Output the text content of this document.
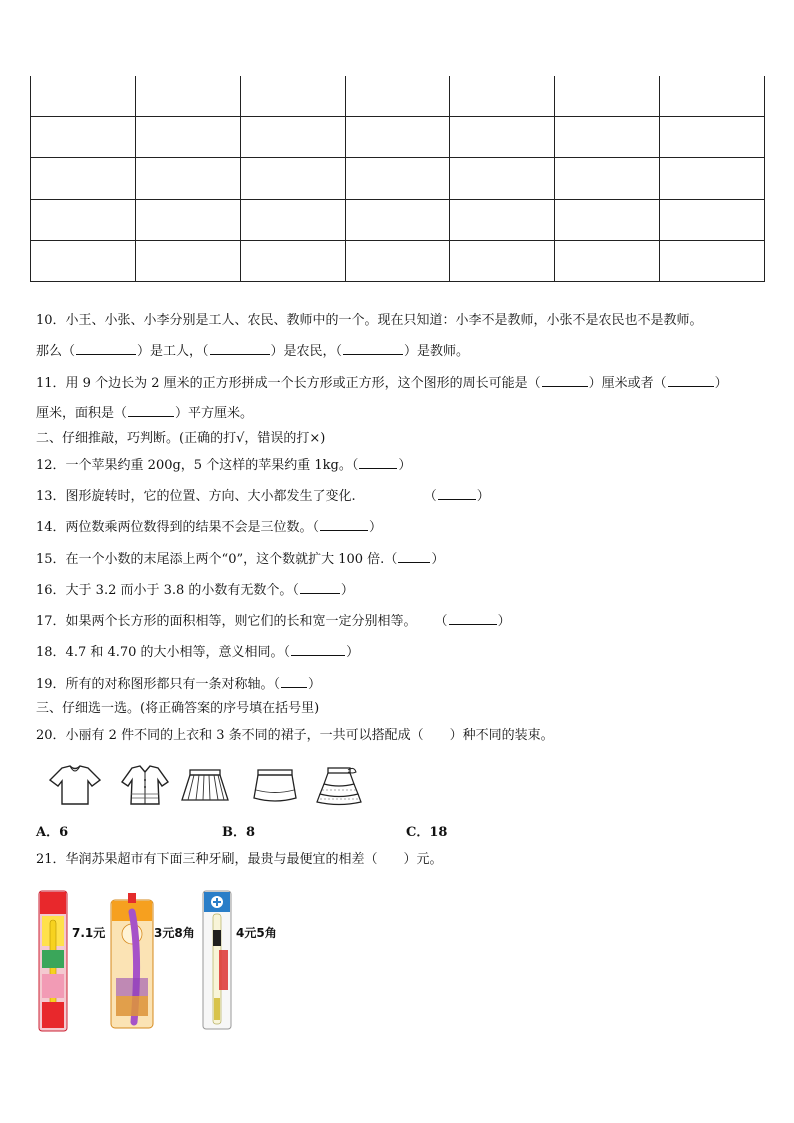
10．小王、小张、小李分别是工人、农民、教师中的一个。现在只知道：小李不是教师，小张不是农民也不是教师。
那么（	）是工人，（	）是农民，（	）是教师。
11．用 9 个边长为 2 厘米的正方形拼成一个长方形或正方形，这个图形的周长可能是（	）厘米或者（	）
厘米，面积是（	）平方厘米。
二、仔细推敲，巧判断。(正确的打√，错误的打×)
12．一个苹果约重 200g，5 个这样的苹果约重 1kg。（	）
13．图形旋转时，它的位置、方向、大小都发生了变化.	（	）
14．两位数乘两位数得到的结果不会是三位数。（	）
15．在一个小数的末尾添上两个“0”，这个数就扩大 100 倍.（	）
16．大于 3.2 而小于 3.8 的小数有无数个。（	）
17．如果两个长方形的面积相等，则它们的长和宽一定分别相等。 （	）
18．4.7 和 4.70 的大小相等，意义相同。（	）
19．所有的对称图形都只有一条对称轴。（ ）
三、仔细选一选。(将正确答案的序号填在括号里)
20．小丽有 2 件不同的上衣和 3 条不同的裙子，一共可以搭配成（　　）种不同的装束。
A．6	B．8	C．18
21．华润苏果超市有下面三种牙刷，最贵与最便宜的相差（　　）元。
7.1元	3元8角	4元5角
